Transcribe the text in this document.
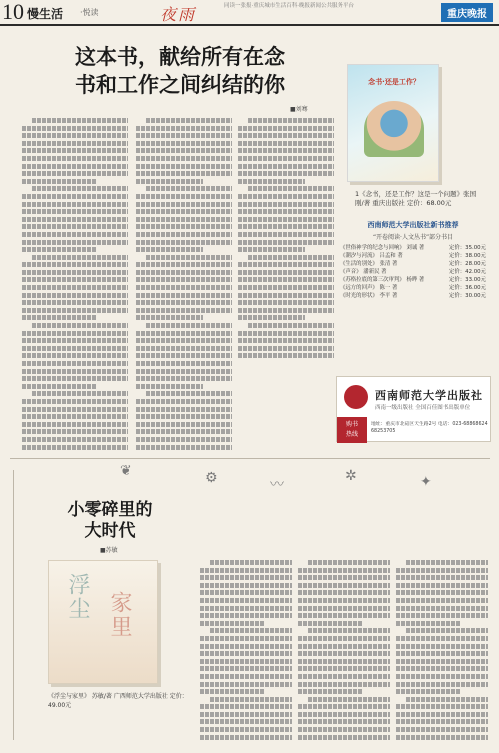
10 慢生活 ·悦读	夜雨
同读一张报·重庆城市生活百科·晚报新闻公共服务平台
重庆晚报
这本书，献给所有在念
书和工作之间纠结的你
■刘骞
念书·还是工作？
1《念书，还是工作？这是一个问题》张国刚/著 重庆出版社 定价：68.00元
西南师范大学出版社新书推荐
“开卷阅读·人文丛书”部分书目
《世俗神学的纪念与回响》 刘诚 著	定价：35.00元
《潮汐与河流》 吕孟和 著	定价：38.00元
《生活的别处》 张清 著	定价：28.00元
《声音》 潘新民 著	定价：42.00元
《苏格拉底的第三次审判》 杨晔 著	定价：33.00元
《远方的回声》 陈一 著	定价：36.00元
《时光的形状》 李平 著	定价：30.00元
西南师范大学出版社
西南一级出版社 全国百佳图书出版单位
购书
热线
地址：重庆市北碚区天生路2号 电话：023-68868624 68253705
❦	⚙	〰
✲	✦
小零碎里的
大时代
■苏敏
浮尘 家里
《浮尘与家里》 苏敏/著 广西师范大学出版社 定价：49.00元
